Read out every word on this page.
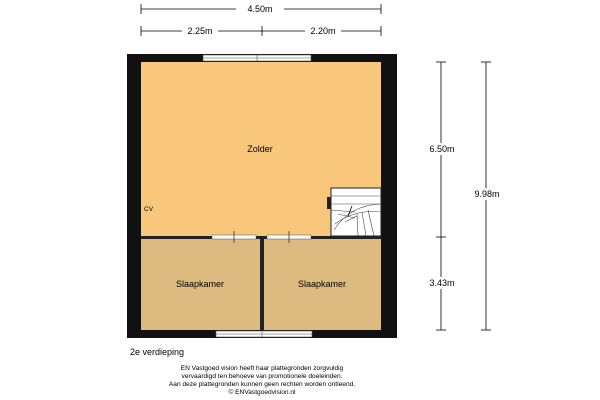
4.50m
2.25m	2.20m
6.50m
3.43m
9.98m
Zolder
Slaapkamer	Slaapkamer
CV
2e verdieping
EN Vastgoed vision heeft haar plattegronden zorgvuldig
vervaardigd ten behoeve van promotionele doeleinden.
Aan deze plattegronden kunnen geen rechten worden ontleend.
© ENVastgoedvision.nl
